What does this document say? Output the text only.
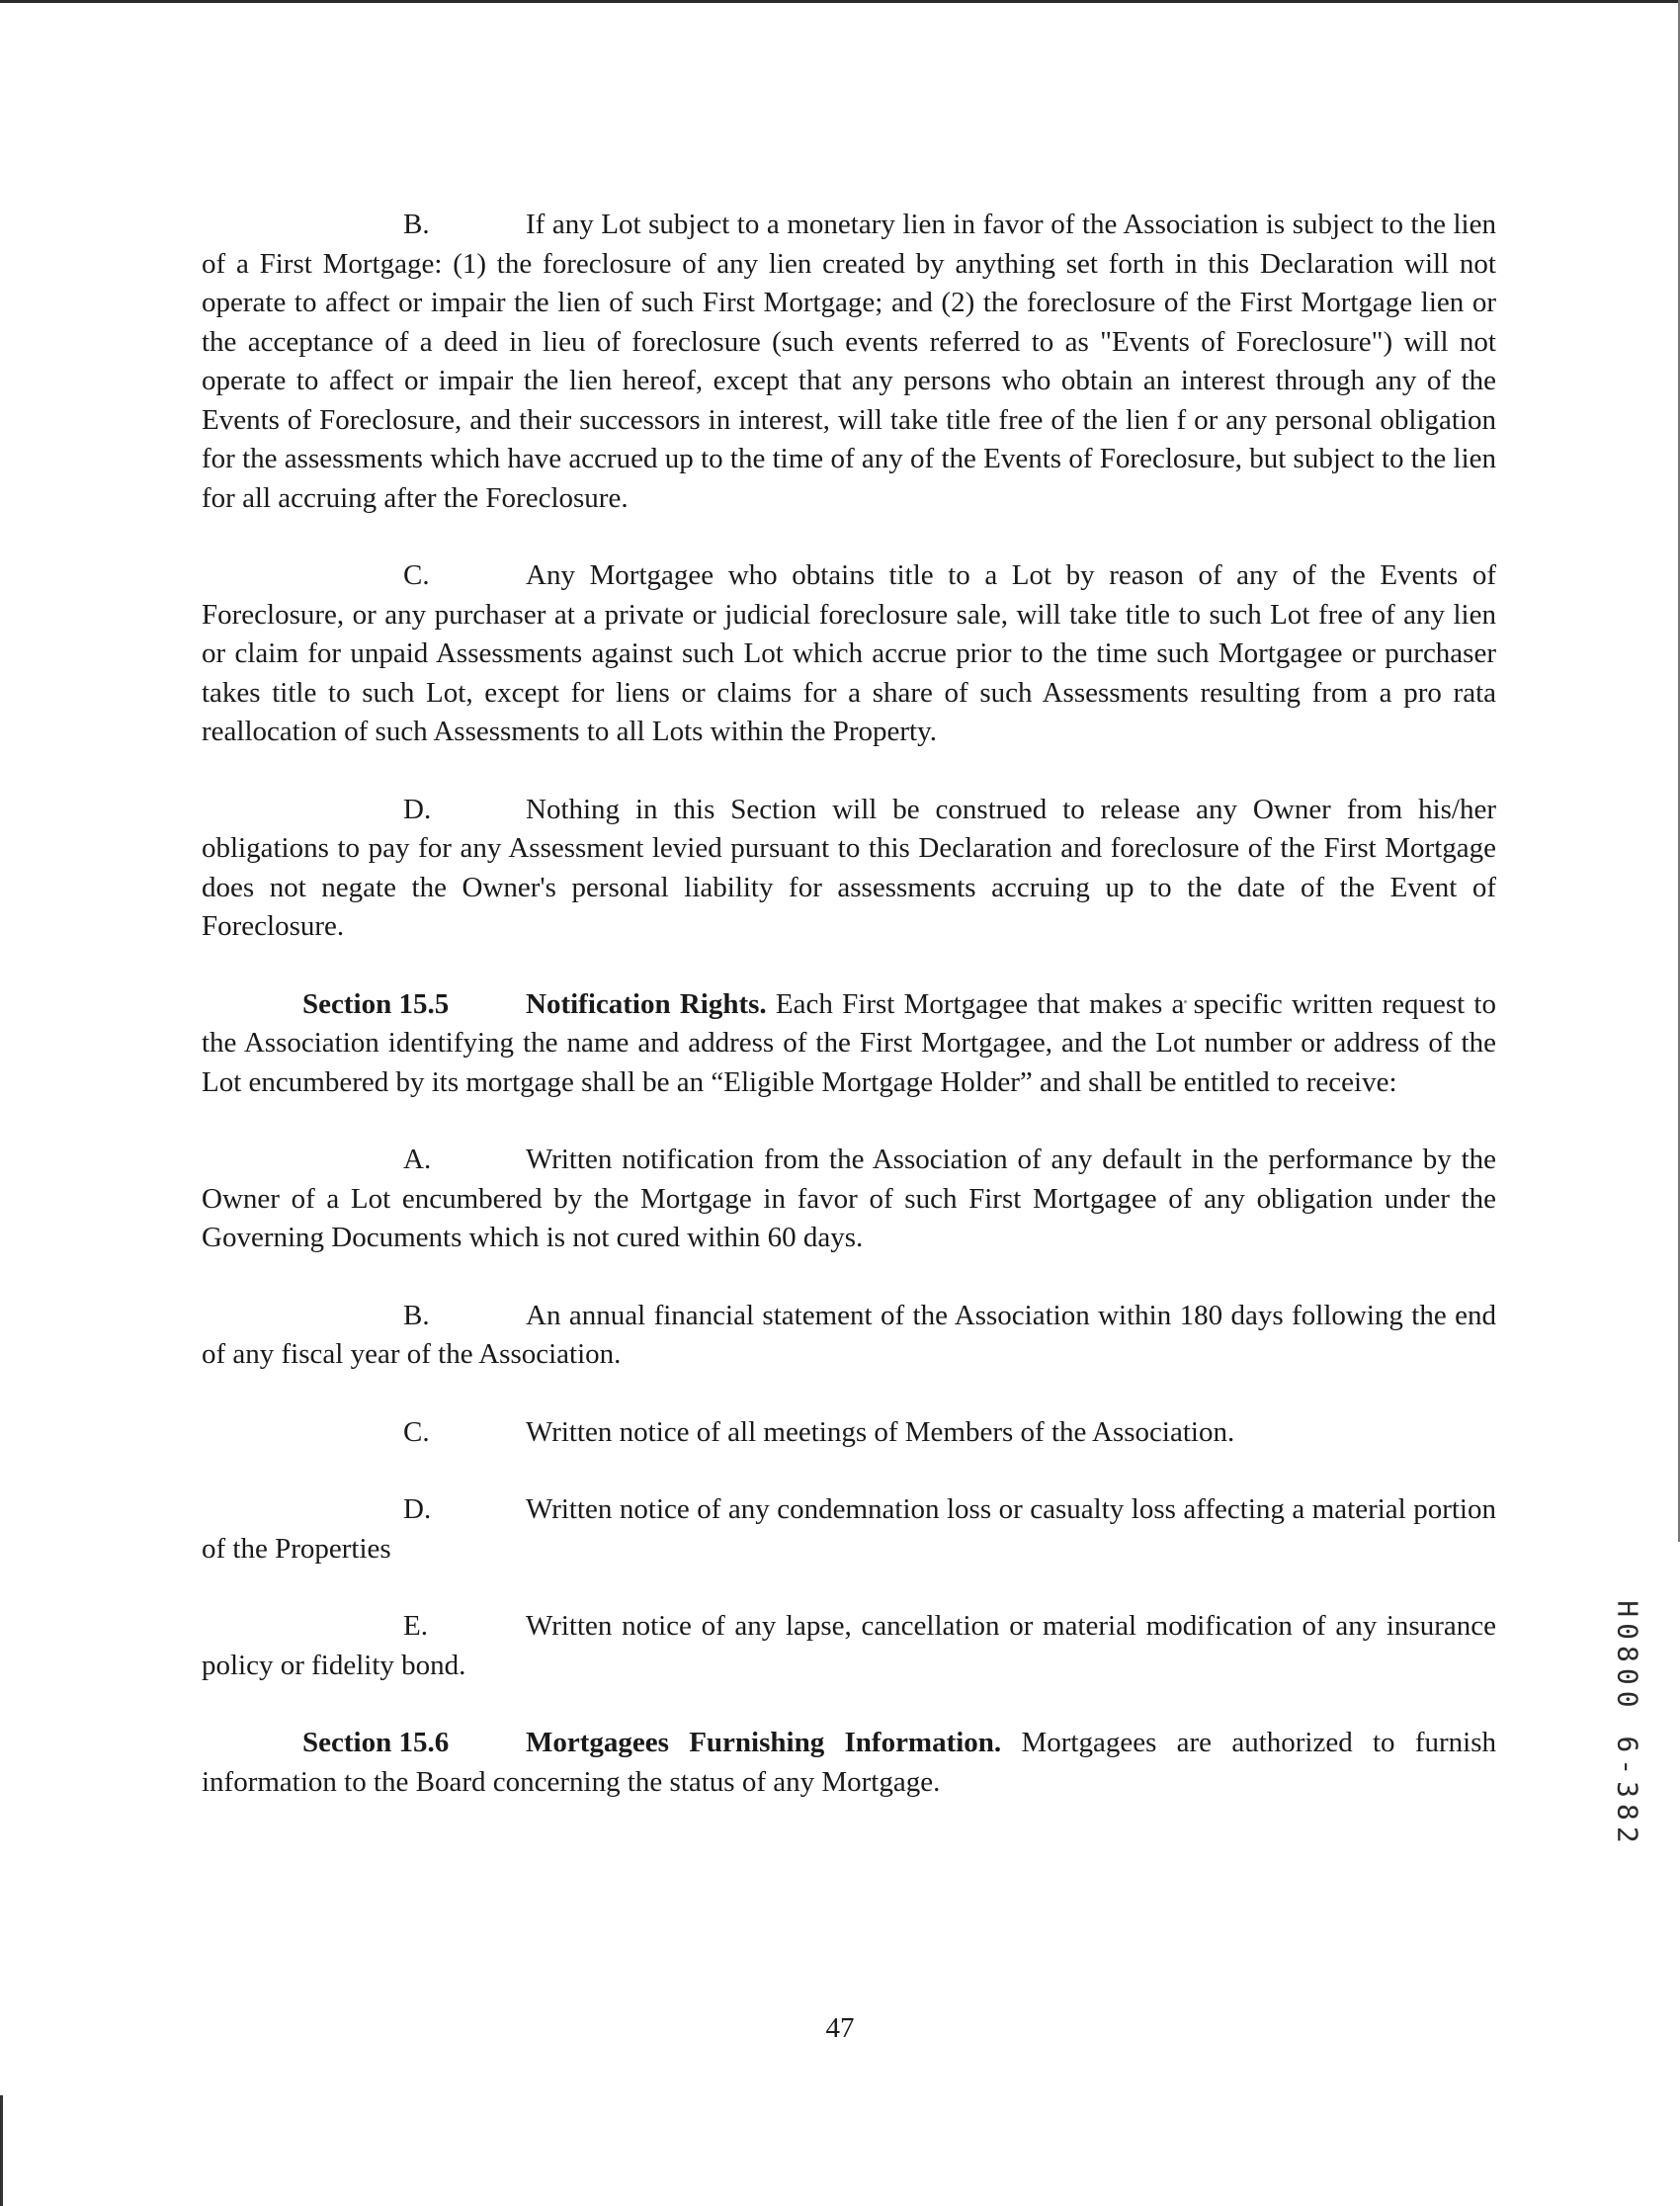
B.	If any Lot subject to a monetary lien in favor of the Association is subject to the lien of a First Mortgage: (1) the foreclosure of any lien created by anything set forth in this Declaration will not operate to affect or impair the lien of such First Mortgage; and (2) the foreclosure of the First Mortgage lien or the acceptance of a deed in lieu of foreclosure (such events referred to as "Events of Foreclosure") will not operate to affect or impair the lien hereof, except that any persons who obtain an interest through any of the Events of Foreclosure, and their successors in interest, will take title free of the lien f or any personal obligation for the assessments which have accrued up to the time of any of the Events of Foreclosure, but subject to the lien for all accruing after the Foreclosure.

C.	Any Mortgagee who obtains title to a Lot by reason of any of the Events of Foreclosure, or any purchaser at a private or judicial foreclosure sale, will take title to such Lot free of any lien or claim for unpaid Assessments against such Lot which accrue prior to the time such Mortgagee or purchaser takes title to such Lot, except for liens or claims for a share of such Assessments resulting from a pro rata reallocation of such Assessments to all Lots within the Property.

D.	Nothing in this Section will be construed to release any Owner from his/her obligations to pay for any Assessment levied pursuant to this Declaration and foreclosure of the First Mortgage does not negate the Owner's personal liability for assessments accruing up to the date of the Event of Foreclosure.

Section 15.5	Notification Rights. Each First Mortgagee that makes a specific written request to the Association identifying the name and address of the First Mortgagee, and the Lot number or address of the Lot encumbered by its mortgage shall be an “Eligible Mortgage Holder” and shall be entitled to receive:

A.	Written notification from the Association of any default in the performance by the Owner of a Lot encumbered by the Mortgage in favor of such First Mortgagee of any obligation under the Governing Documents which is not cured within 60 days.

B.	An annual financial statement of the Association within 180 days following the end of any fiscal year of the Association.

C.	Written notice of all meetings of Members of the Association.

D.	Written notice of any condemnation loss or casualty loss affecting a material portion of the Properties

E.	Written notice of any lapse, cancellation or material modification of any insurance policy or fidelity bond.

Section 15.6	Mortgagees Furnishing Information. Mortgagees are authorized to furnish information to the Board concerning the status of any Mortgage.

47
H0800 6-382
